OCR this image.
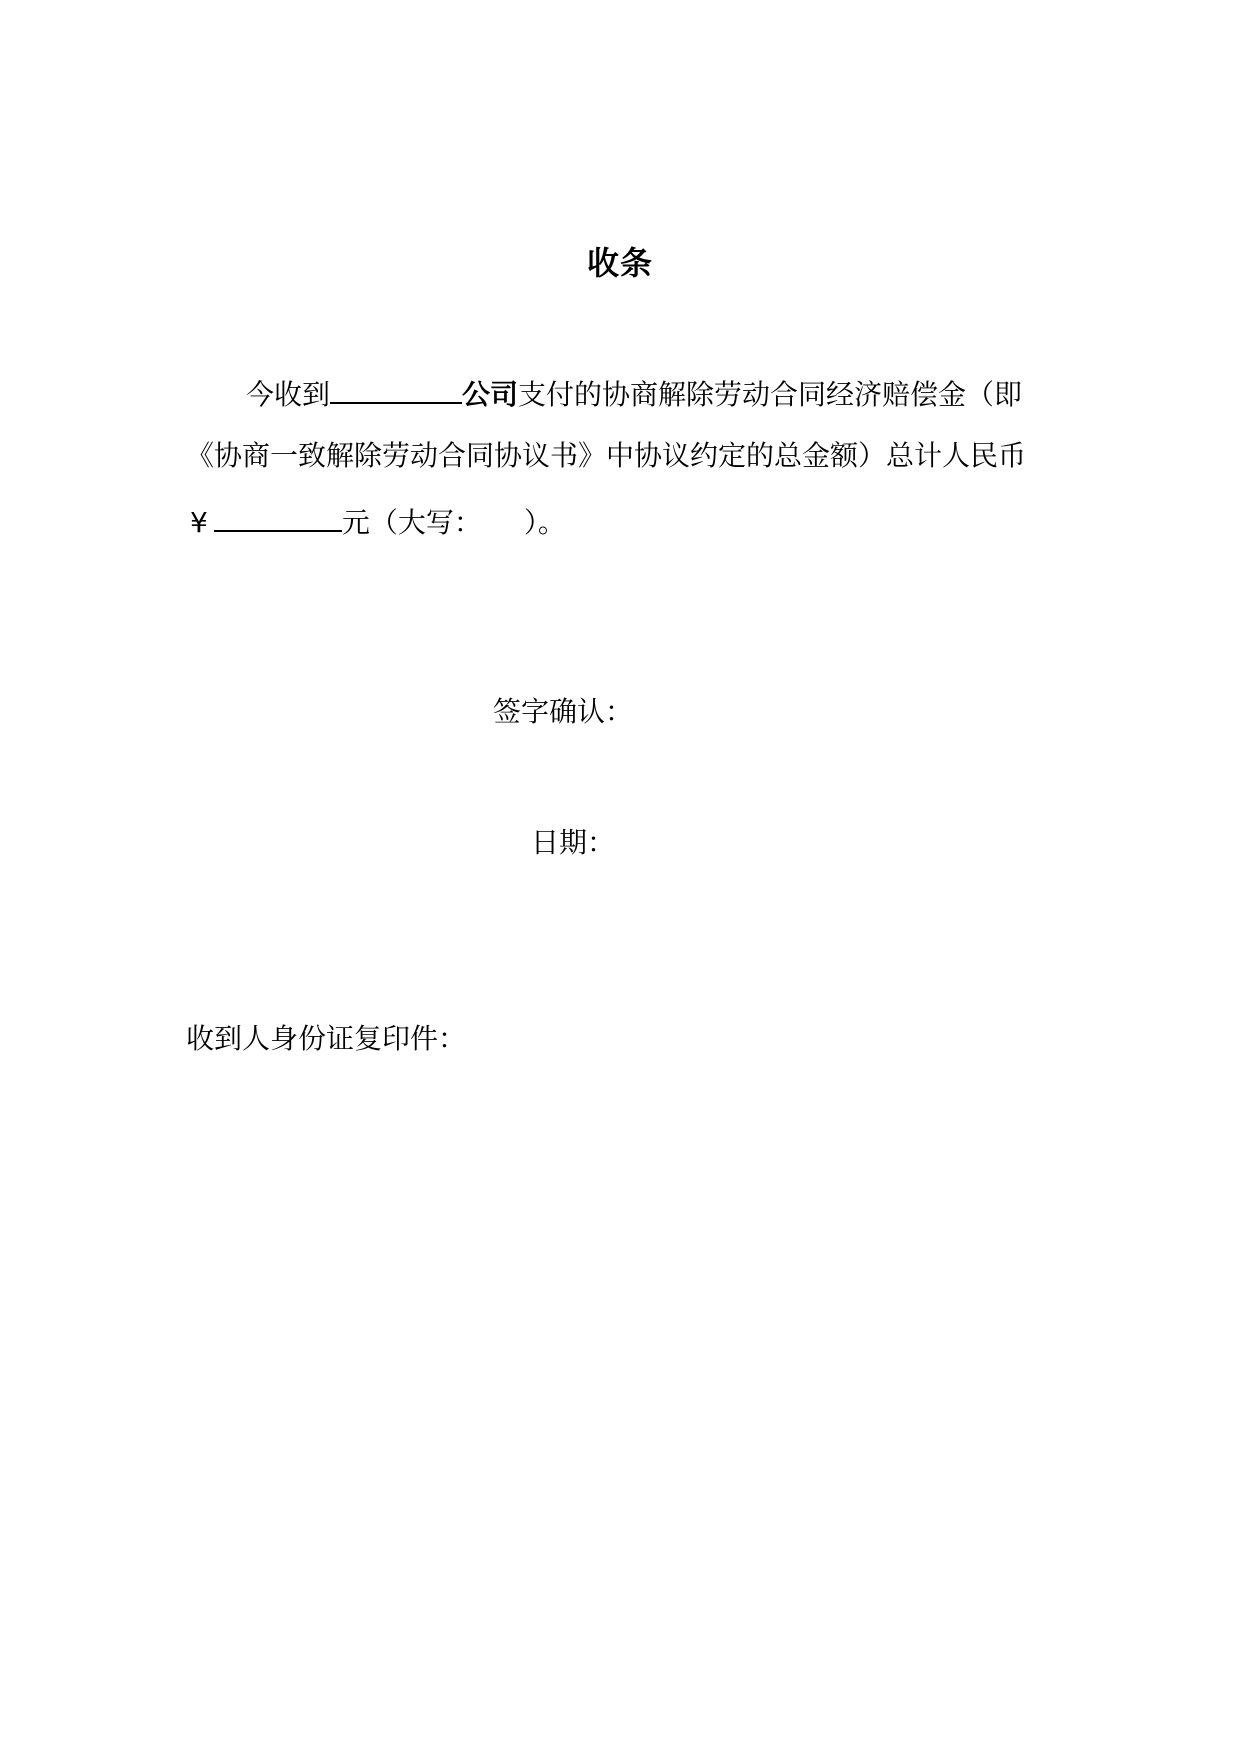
收条
今收到	公司支付的协商解除劳动合同经济赔偿金（即
《协商一致解除劳动合同协议书》中协议约定的总金额）总计人民币
¥	元（大写： ）。
签字确认：
日期：
收到人身份证复印件：
